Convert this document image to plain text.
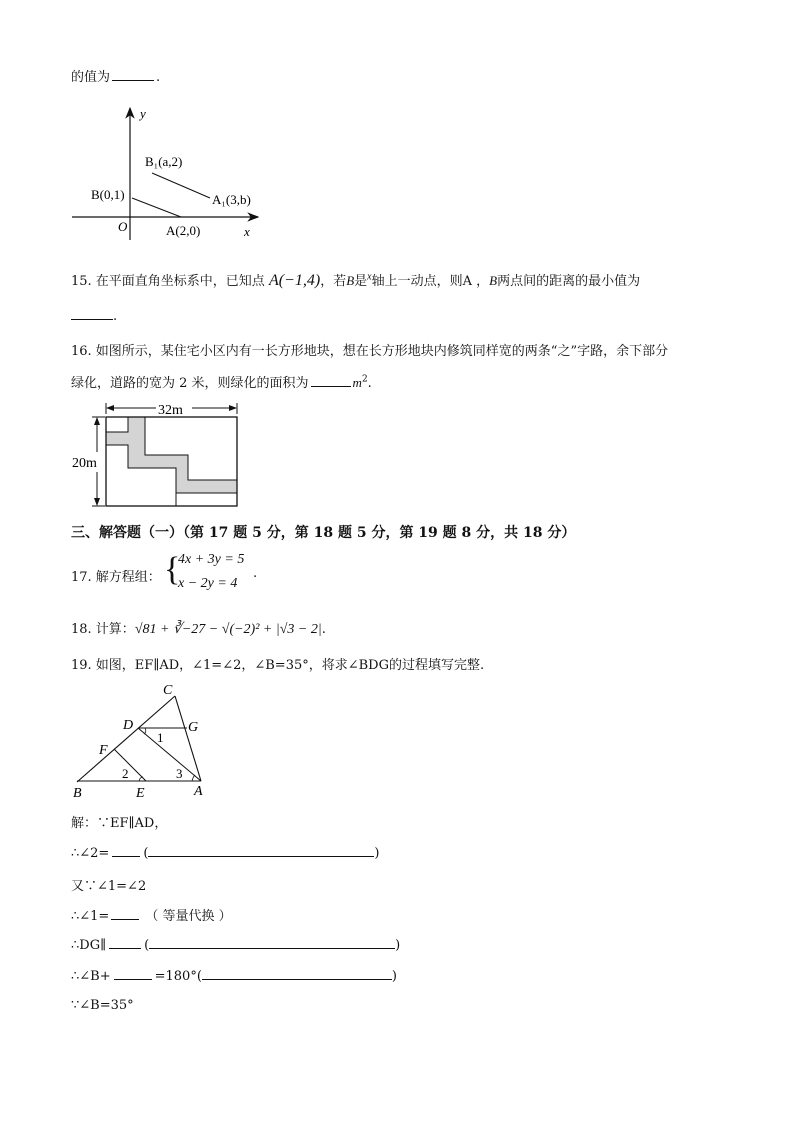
的值为	.
y
x
O
B₁(a,2)
A₁(3,b)
B(0,1)
A(2,0)
15. 在平面直角坐标系中，已知点 A(−1,4)，若B是$^x$轴上一动点，则A ，B两点间的距离的最小值为
.
16. 如图所示，某住宅小区内有一长方形地块，想在长方形地块内修筑同样宽的两条“之”字路，余下部分
绿化，道路的宽为 2 米，则绿化的面积为	$m^2$.
32m
20m
三、解答题（一）（第 17 题 5 分，第 18 题 5 分，第 19 题 8 分，共 18 分）
17. 解方程组： {
4x + 3y = 5
x − 2y = 4
.
18. 计算：√81 + ∛−27 − √(−2)² + |√3 − 2|.
19. 如图，EF∥AD，∠1=∠2，∠B=35°，将求∠BDG的过程填写完整.
C
D	G
F
B	E	A
1
2	3
解：∵EF∥AD，
∴∠2=	(	)
又∵∠1=∠2
∴∠1=	（ 等量代换 ）
∴DG∥	(	)
∴∠B+	=180°(	)
∵∠B=35°
